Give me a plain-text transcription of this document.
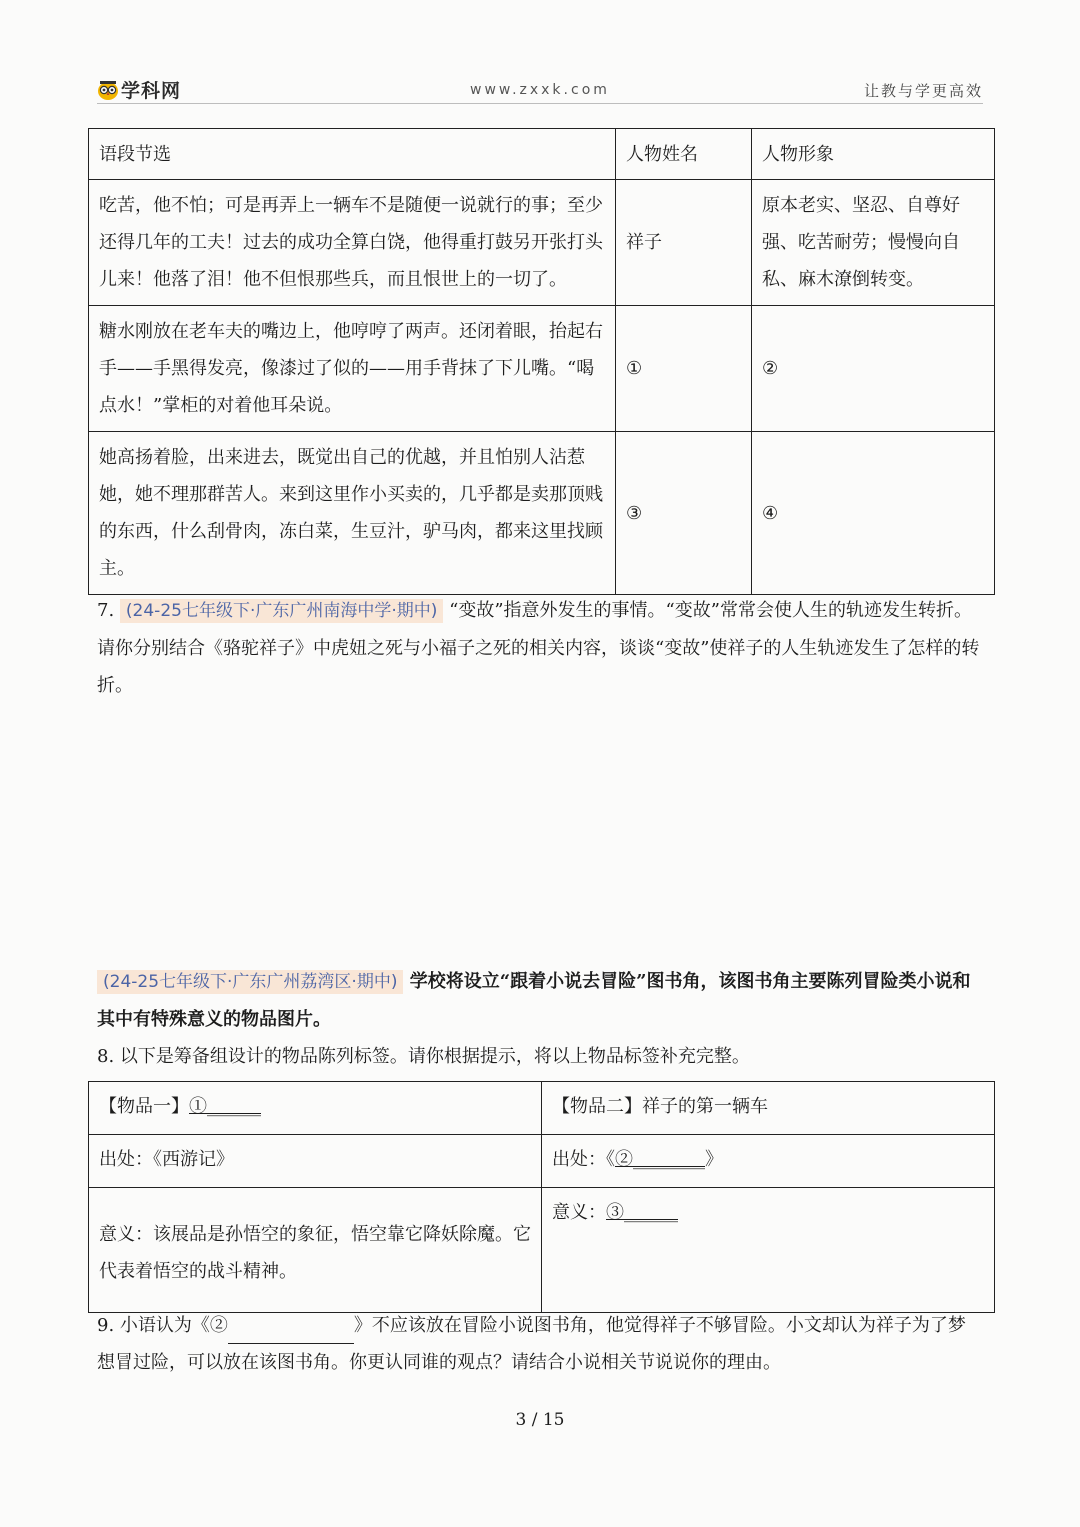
学科网	www.zxxk.com	让教与学更高效
语段节选	人物姓名	人物形象
吃苦，他不怕；可是再弄上一辆车不是随便一说就行的事；至少还得几年的工夫！过去的成功全算白饶，他得重打鼓另开张打头儿来！他落了泪！他不但恨那些兵，而且恨世上的一切了。	祥子	原本老实、坚忍、自尊好强、吃苦耐劳；慢慢向自私、麻木潦倒转变。
糖水刚放在老车夫的嘴边上，他哼哼了两声。还闭着眼，抬起右手——手黑得发亮，像漆过了似的——用手背抹了下儿嘴。“喝点水！”掌柜的对着他耳朵说。	①	②
她高扬着脸，出来进去，既觉出自己的优越，并且怕别人沾惹她，她不理那群苦人。来到这里作小买卖的，几乎都是卖那顶贱的东西，什么刮骨肉，冻白菜，生豆汁，驴马肉，都来这里找顾主。	③	④
7. (24-25七年级下·广东广州南海中学·期中) “变故”指意外发生的事情。“变故”常常会使人生的轨迹发生转折。请你分别结合《骆驼祥子》中虎妞之死与小福子之死的相关内容，谈谈“变故”使祥子的人生轨迹发生了怎样的转折。
(24-25七年级下·广东广州荔湾区·期中) 学校将设立“跟着小说去冒险”图书角，该图书角主要陈列冒险类小说和其中有特殊意义的物品图片。
8. 以下是筹备组设计的物品陈列标签。请你根据提示，将以上物品标签补充完整。
【物品一】①______	【物品二】祥子的第一辆车
出处：《西游记》	出处：《②________》
意义：该展品是孙悟空的象征，悟空靠它降妖除魔。它代表着悟空的战斗精神。	意义：③______
9. 小语认为《②	》不应该放在冒险小说图书角，他觉得祥子不够冒险。小文却认为祥子为了梦想冒过险，可以放在该图书角。你更认同谁的观点？请结合小说相关节说说你的理由。
3 / 15
